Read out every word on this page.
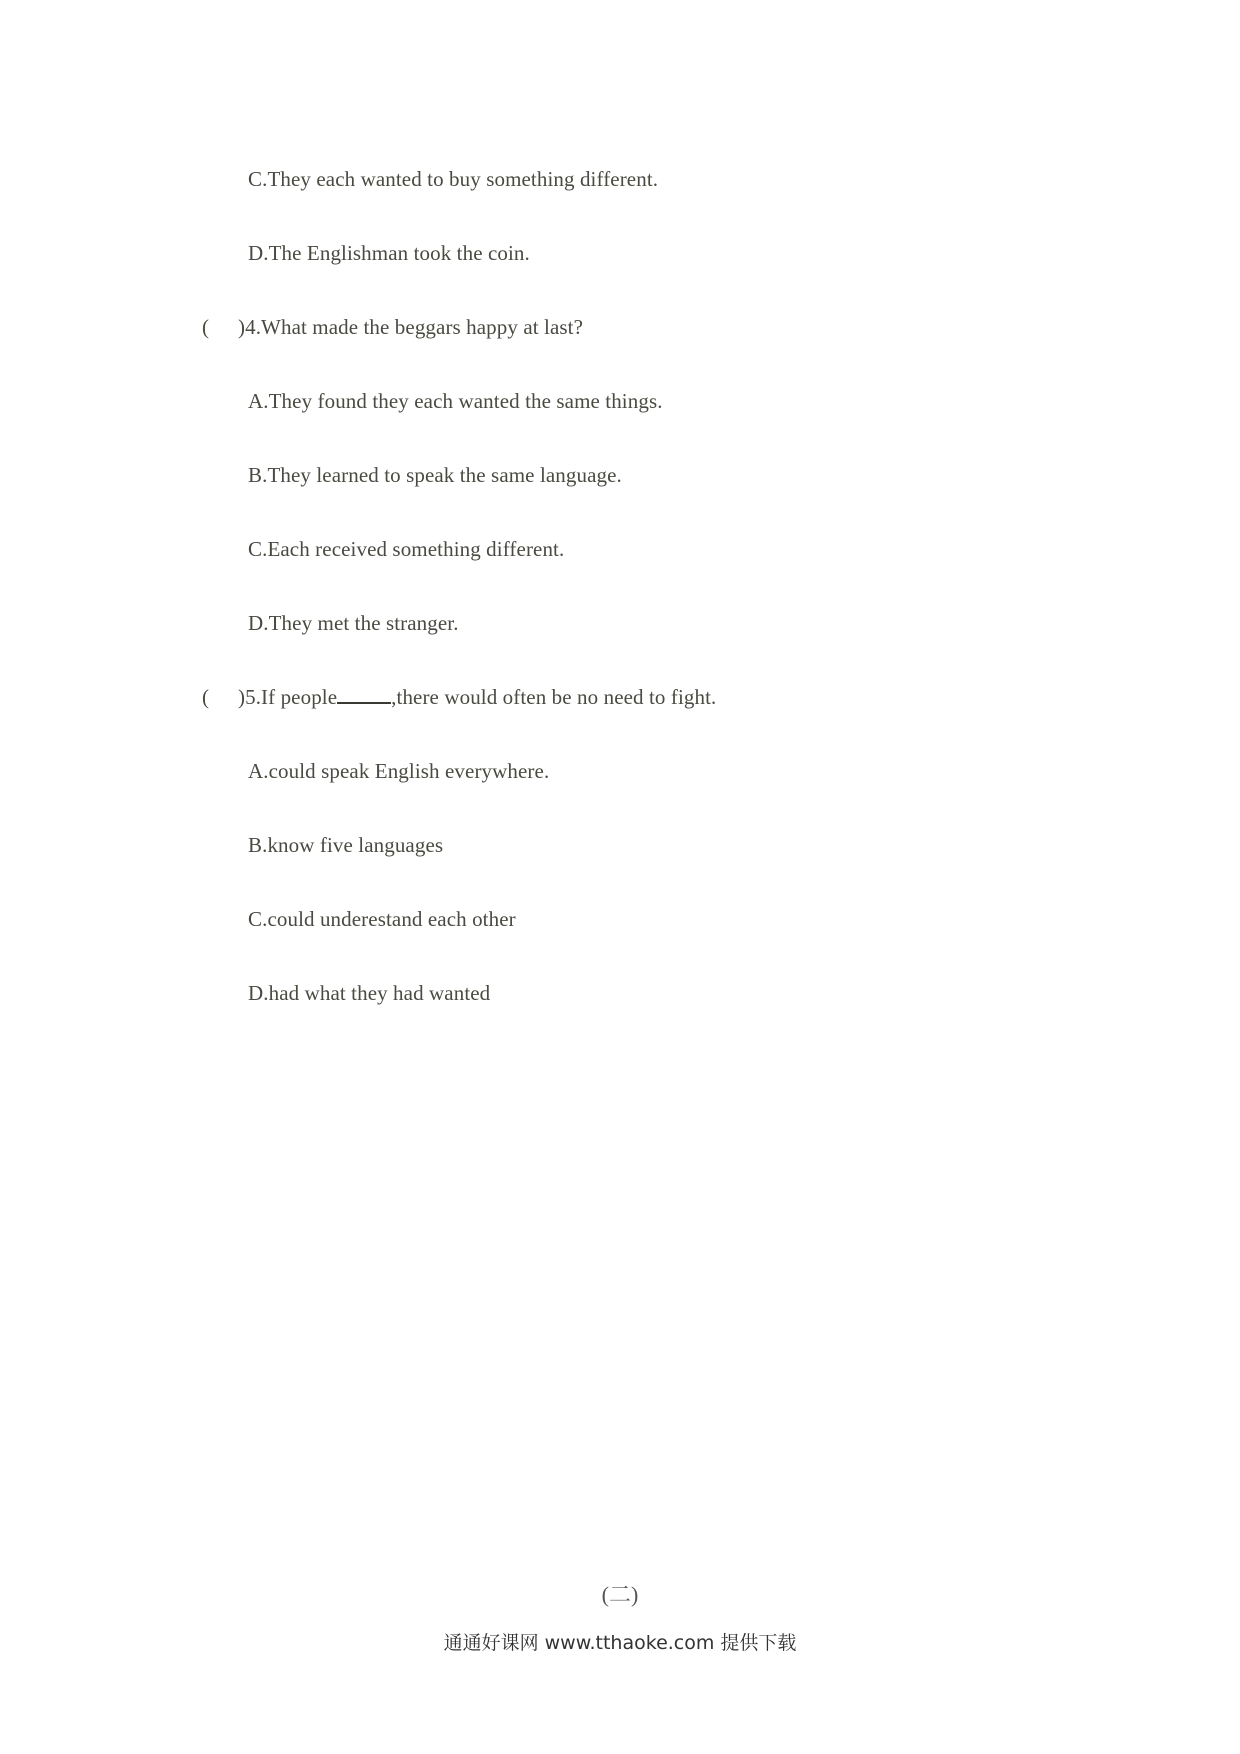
C.They each wanted to buy something different.
D.The Englishman took the coin.
( )4.What made the beggars happy at last?
A.They found they each wanted the same things.
B.They learned to speak the same language.
C.Each received something different.
D.They met the stranger.
( )5.If people	,there would often be no need to fight.
A.could speak English everywhere.
B.know five languages
C.could underestand each other
D.had what they had wanted
(二)
通通好课网 www.tthaoke.com 提供下载
